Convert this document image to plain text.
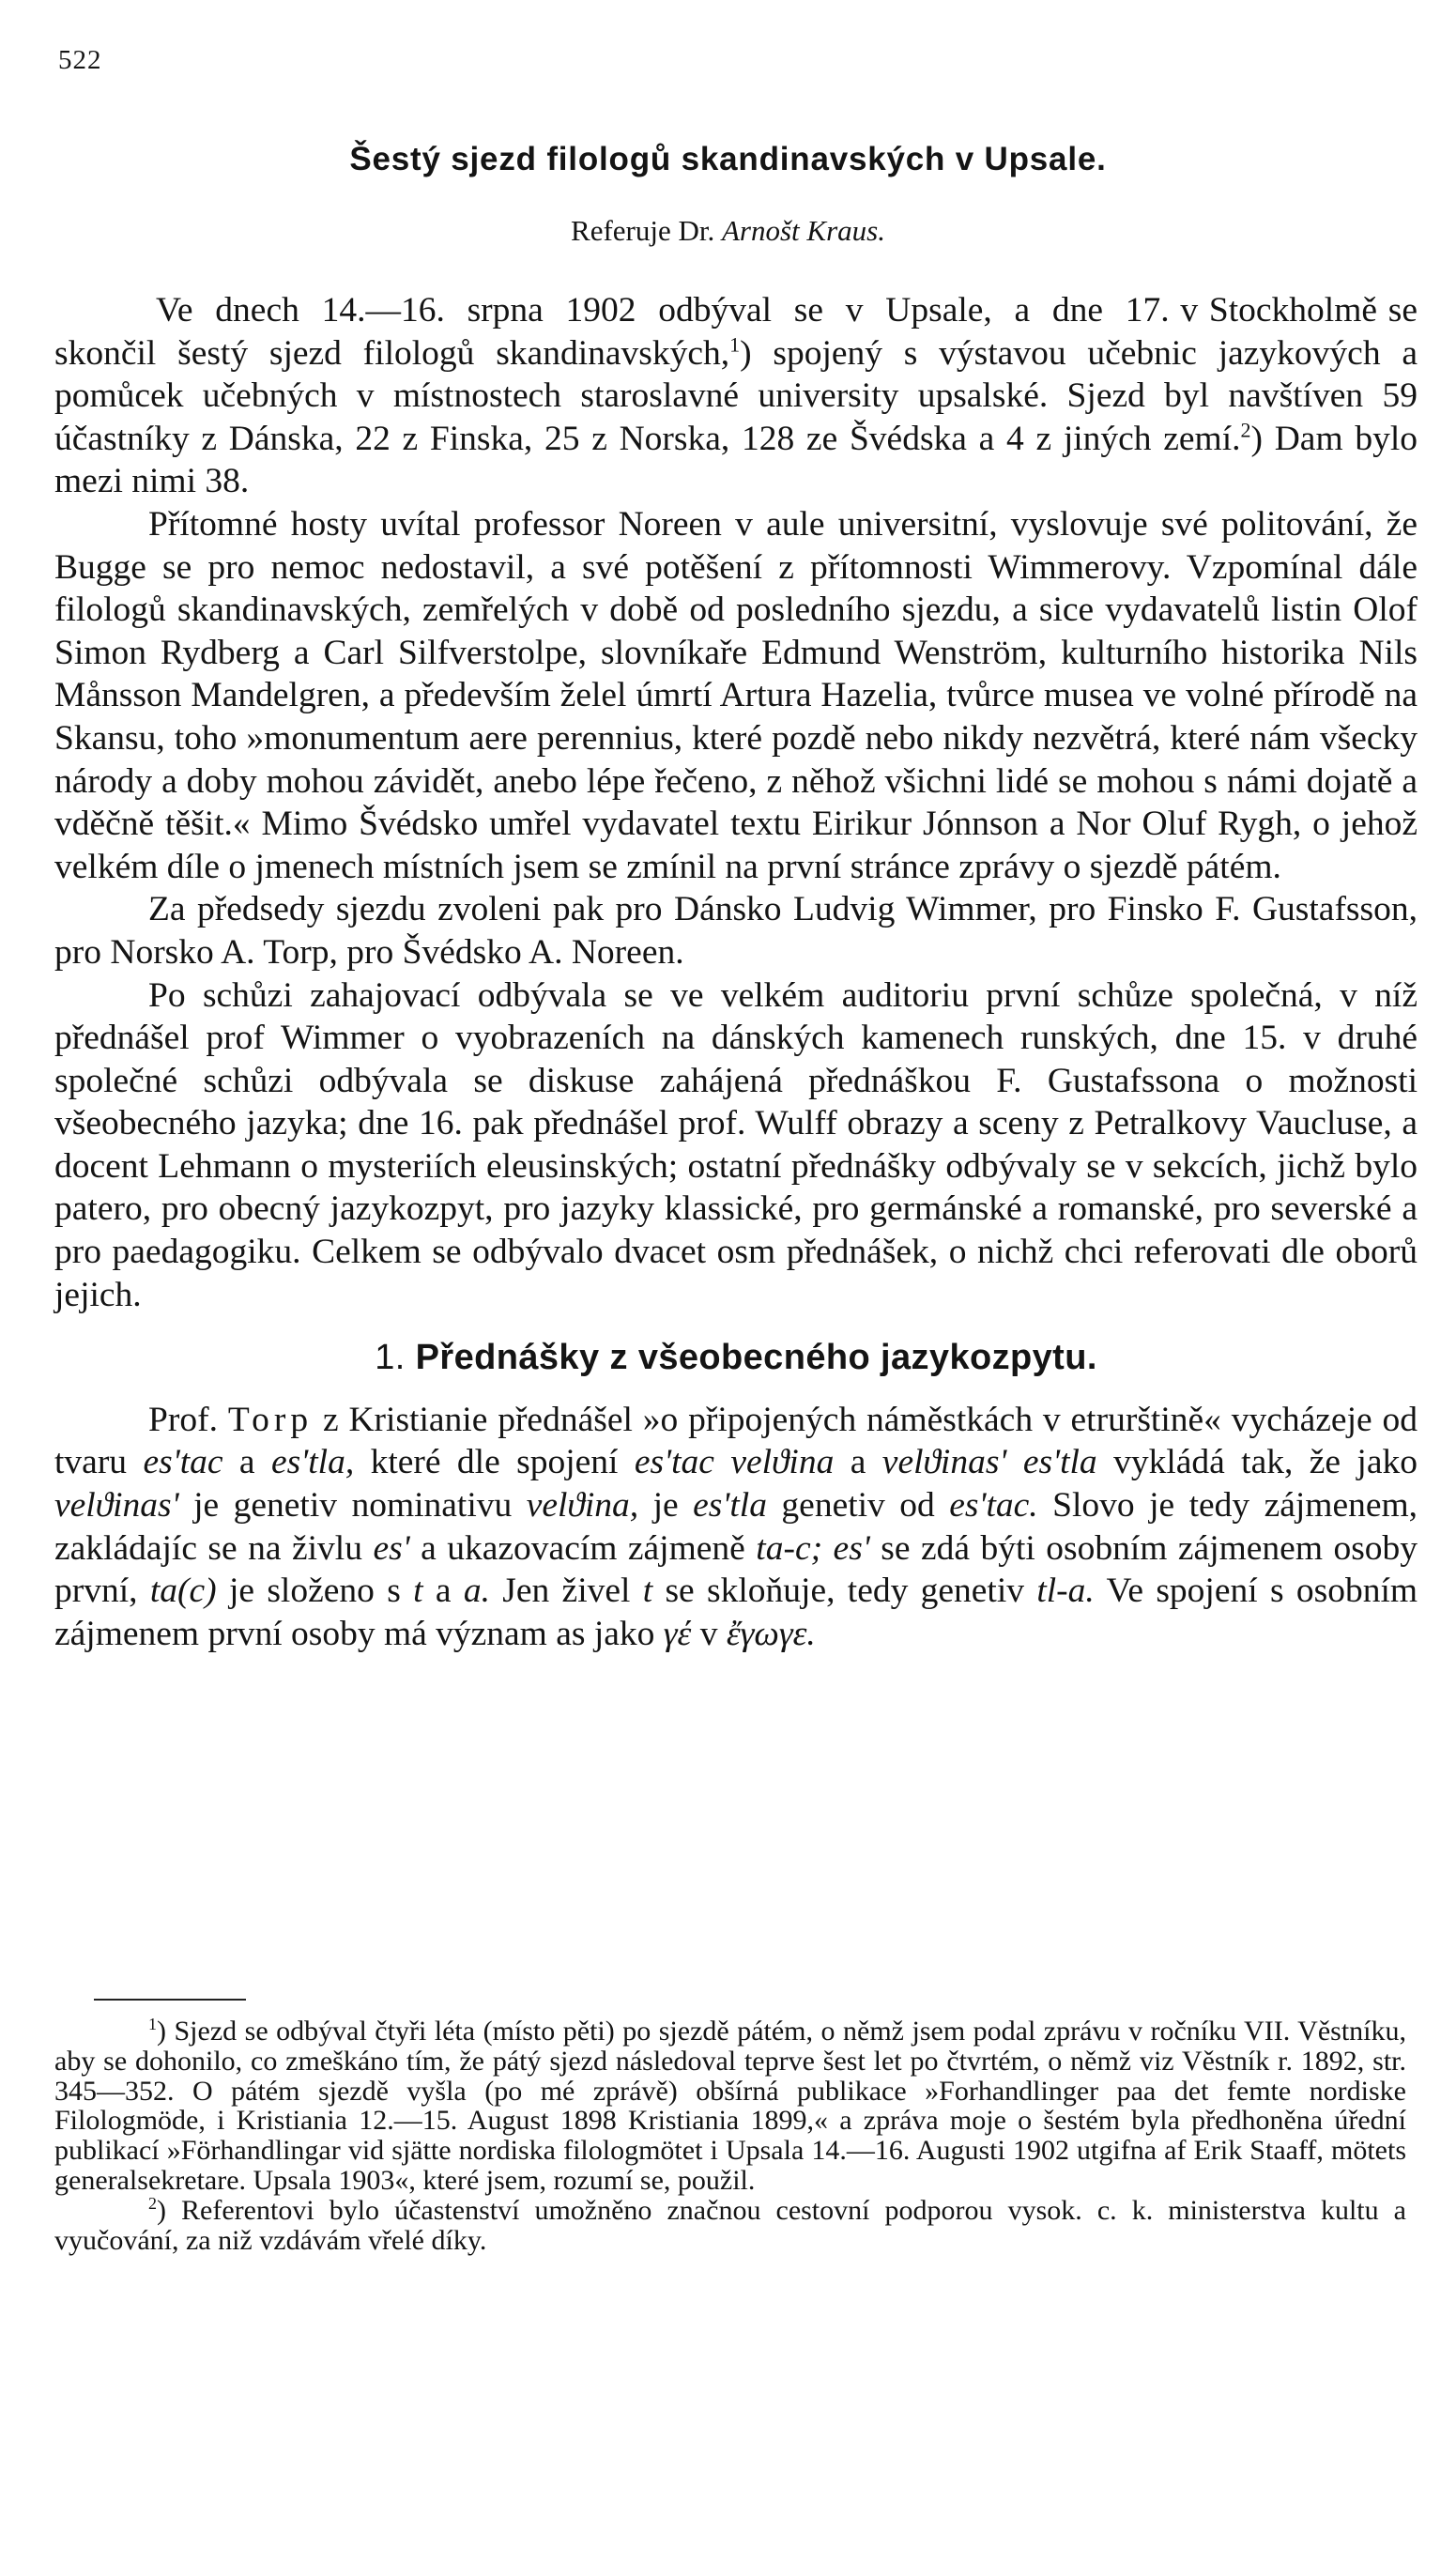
522
Šestý sjezd filologů skandinavských v Upsale.
Referuje Dr. Arnošt Kraus.

Ve dnech 14.—16. srpna 1902 odbýval se v Upsale, a dne 17. v Stockholmě se skončil šestý sjezd filologů skandinavských,$^1$) spojený s výstavou učebnic jazykových a pomůcek učebných v místnostech staroslavné university upsalské. Sjezd byl navštíven 59 účastníky z Dánska, 22 z Finska, 25 z Norska, 128 ze Švédska a 4 z jiných zemí.$^2$) Dam bylo mezi nimi 38.

Přítomné hosty uvítal professor Noreen v aule universitní, vyslovuje své politování, že Bugge se pro nemoc nedostavil, a své potěšení z přítomnosti Wimmerovy. Vzpomínal dále filologů skandinavských, zemřelých v době od posledního sjezdu, a sice vydavatelů listin Olof Simon Rydberg a Carl Silfverstolpe, slovníkaře Edmund Wenström, kulturního historika Nils Månsson Mandelgren, a především želel úmrtí Artura Hazelia, tvůrce musea ve volné přírodě na Skansu, toho »monumentum aere perennius, které pozdě nebo nikdy nezvětrá, které nám všecky národy a doby mohou závidět, anebo lépe řečeno, z něhož všichni lidé se mohou s námi dojatě a vděčně těšit.« Mimo Švédsko umřel vydavatel textu Eirikur Jónnson a Nor Oluf Rygh, o jehož velkém díle o jmenech místních jsem se zmínil na první stránce zprávy o sjezdě pátém.

Za předsedy sjezdu zvoleni pak pro Dánsko Ludvig Wimmer, pro Finsko F. Gustafsson, pro Norsko A. Torp, pro Švédsko A. Noreen.

Po schůzi zahajovací odbývala se ve velkém auditoriu první schůze společná, v níž přednášel prof Wimmer o vyobrazeních na dánských kamenech runských, dne 15. v druhé společné schůzi odbývala se diskuse zahájená přednáškou F. Gustafssona o možnosti všeobecného jazyka; dne 16. pak přednášel prof. Wulff obrazy a sceny z Petralkovy Vaucluse, a docent Lehmann o mysteriích eleusinských; ostatní přednášky odbývaly se v sekcích, jichž bylo patero, pro obecný jazykozpyt, pro jazyky klassické, pro germánské a romanské, pro severské a pro paedagogiku. Celkem se odbývalo dvacet osm přednášek, o nichž chci referovati dle oborů jejich.

1. Přednášky z všeobecného jazykozpytu.

Prof. Torp z Kristianie přednášel »o připojených náměstkách v etrurštině« vycházeje od tvaru es'tac a es'tla, které dle spojení es'tac velϑina a velϑinas' es'tla vykládá tak, že jako velϑinas' je genetiv nominativu velϑina, je es'tla genetiv od es'tac. Slovo je tedy zájmenem, zakládajíc se na živlu es' a ukazovacím zájmeně ta-c; es' se zdá býti osobním zájmenem osoby první, ta(c) je složeno s t a a. Jen živel t se skloňuje, tedy genetiv tl-a. Ve spojení s osobním zájmenem první osoby má význam as jako γέ v ἔγωγε.

$^1$) Sjezd se odbýval čtyři léta (místo pěti) po sjezdě pátém, o němž jsem podal zprávu v ročníku VII. Věstníku, aby se dohonilo, co zmeškáno tím, že pátý sjezd následoval teprve šest let po čtvrtém, o němž viz Věstník r. 1892, str. 345—352. O pátém sjezdě vyšla (po mé zprávě) obšírná publikace »Forhandlinger paa det femte nordiske Filologmöde, i Kristiania 12.—15. August 1898 Kristiania 1899,« a zpráva moje o šestém byla předhoněna úřední publikací »Förhandlingar vid sjätte nordiska filologmötet i Upsala 14.—16. Augusti 1902 utgifna af Erik Staaff, mötets generalsekretare. Upsala 1903«, které jsem, rozumí se, použil.

$^2$) Referentovi bylo účastenství umožněno značnou cestovní podporou vysok. c. k. ministerstva kultu a vyučování, za niž vzdávám vřelé díky.
